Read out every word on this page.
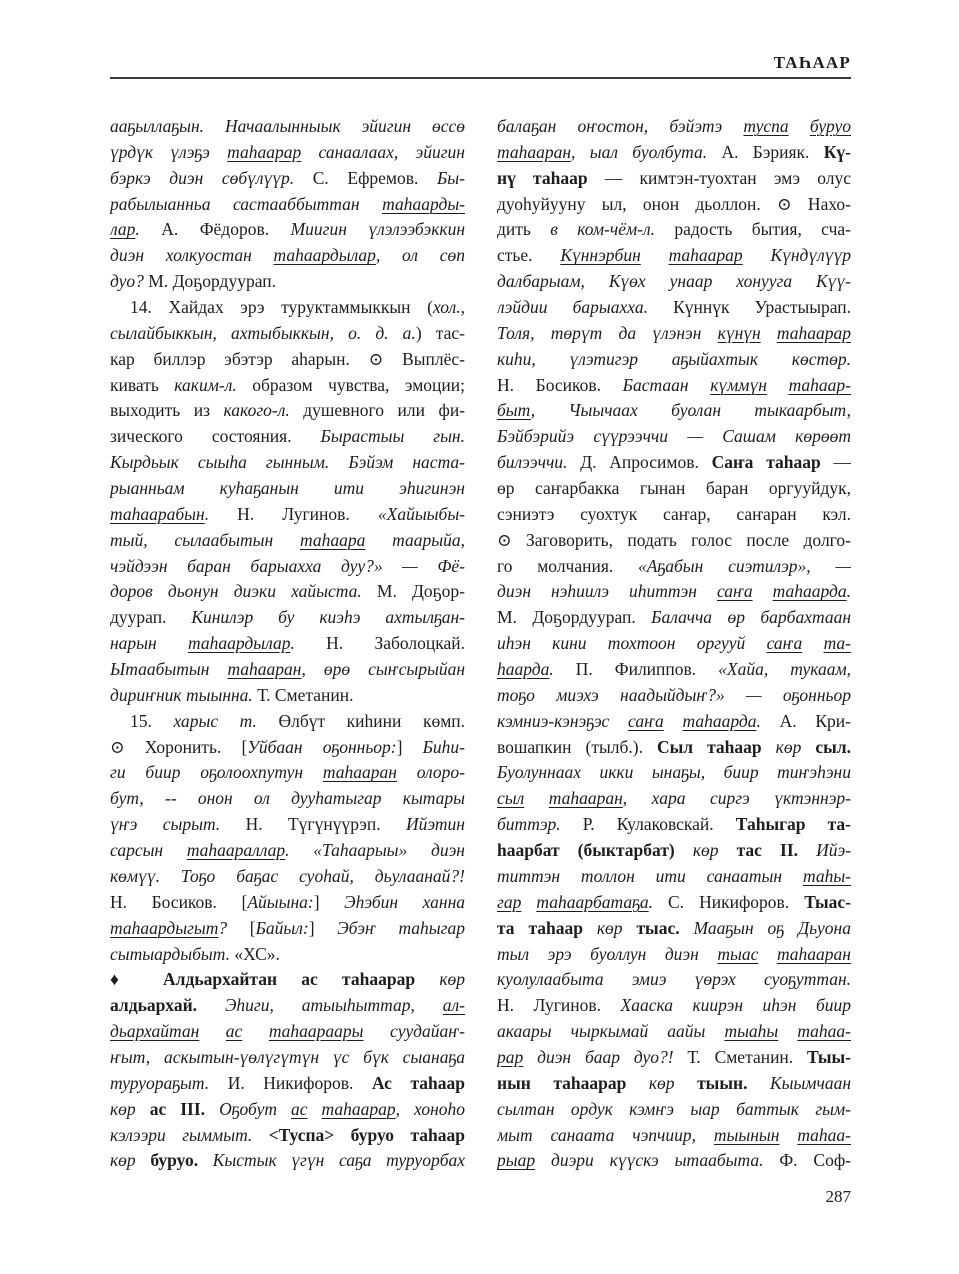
ТАҺААР
ааҕыллаҕын. Начаалынныык эйигин өссө
үрдүк үлэҕэ таһаарар санаалаах, эйигин
бэркэ диэн сөбүлүүр. С. Ефремов. Бы-
рабылыанньа састааббыттан таһаарды-
лар. А. Фёдоров. Миигин үлэлээбэккин
диэн холкуостан таһаардылар, ол сөп
дуо? М. Доҕордуурап.
14. Хайдах эрэ туруктаммыккын (хол.,
сылайбыккын, ахтыбыккын, о. д. а.) тас-
кар биллэр эбэтэр аһарын. ⊙ Выплёс-
кивать каким-л. образом чувства, эмоции;
выходить из какого-л. душевного или фи-
зического состояния. Бырастыы гын.
Кырдьык сыыһа гынным. Бэйэм наста-
рыанньам куһаҕанын ити эһигинэн
таһаарабын. Н. Лугинов. «Хайыыбы-
тый, сылаабытын таһаара таарыйа,
чэйдээн баран барыахха дуу?» — Фё-
доров дьонун диэки хайыста. М. Доҕор-
дуурап. Кинилэр бу киэһэ ахтылҕан-
нарын таһаардылар. Н. Заболоцкай.
Ытаабытын таһааран, өрө сыҥсырыйан
дириҥник тыынна. Т. Сметанин.
15. харыс т. Өлбүт киһини көмп.
⊙ Хоронить. [Уйбаан оҕонньор:] Биһи-
ги биир оҕолоохпутун таһааран олоро-
бут, -- онон ол дууһатыгар кытары
үҥэ сырыт. Н. Түгүнүүрэп. Ийэтин
сарсын таһаараллар. «Таһаарыы» диэн
көмүү. Тоҕо баҕас суоһай, дьулаанай?!
Н. Босиков. [Айыына:] Эһэбин ханна
таһаардыгыт? [Байыл:] Эбэҥ таһыгар
сытыардыбыт. «ХС».
♦ Алдьархайтан ас таһаарар көр
алдьархай. Эһиги, атыыһыттар, ал-
дьархайтан ас таһаараары суудайаҥ-
ҥыт, аскытын-үөлүгүтүн үс бүк сыанаҕа
туруораҕыт. И. Никифоров. Ас таһаар
көр ас III. Оҕобут ас таһаарар, хоноһо
кэлээри гыммыт. <Туспа> буруо таһаар
көр буруо. Кыстык үгүн саҕа туруорбах
балаҕан оҥостон, бэйэтэ туспа буруо
таһааран, ыал буолбута. А. Бэрияк. Кү-
нү таһаар — кимтэн-туохтан эмэ олус
дуоһуйууну ыл, онон дьоллон. ⊙ Нахо-
дить в ком-чём-л. радость бытия, сча-
стье. Күннэрбин таһаарар Күндүлүүр
далбарыам, Күөх унаар хонууга Күү-
лэйдии барыахха. Күннүк Урастыырап.
Толя, төрүт да үлэнэн күнүн таһаарар
киһи, үлэтигэр аҕыйахтык көстөр.
Н. Босиков. Бастаан күммүн таһаар-
быт, Чыычаах буолан тыкаарбыт,
Бэйбэрийэ сүүрээччи — Сашам көрөөт
билээччи. Д. Апросимов. Саҥа таһаар —
өр саҥарбакка гынан баран оргууйдук,
сэниэтэ суохтук саҥар, саҥаран кэл.
⊙ Заговорить, подать голос после долго-
го молчания. «Аҕабын сиэтилэр», —
диэн нэһиилэ иһиттэн саҥа таһаарда.
М. Доҕордуурап. Балачча өр барбахтаан
иһэн кини тохтоон оргууй саҥа та-
һаарда. П. Филиппов. «Хайа, тукаам,
тоҕо миэхэ наадыйдыҥ?» — оҕонньор
кэмниэ-кэнэҕэс саҥа таһаарда. А. Кри-
вошапкин (тылб.). Сыл таһаар көр сыл.
Буолуннаах икки ынаҕы, биир тиҥэһэни
сыл таһааран, хара сиргэ үктэннэр-
биттэр. Р. Кулаковскай. Таһыгар та-
һаарбат (быктарбат) көр тас II. Ийэ-
титтэн толлон ити санаатын таһы-
гар таһаарбатаҕа. С. Никифоров. Тыас-
та таһаар көр тыас. Мааҕын оҕ Дьуона
тыл эрэ буоллун диэн тыас таһааран
куолулаабыта эмиэ үөрэх суоҕуттан.
Н. Лугинов. Хааска киирэн иһэн биир
акаары чыркымай аайы тыаһы таһаа-
рар диэн баар дуо?! Т. Сметанин. Тыы-
нын таһаарар көр тыын. Кыымчаан
сылтан ордук кэмҥэ ыар баттык гым-
мыт санаата чэпчиир, тыынын таһаа-
рыар диэри күүскэ ытаабыта. Ф. Соф-
287
